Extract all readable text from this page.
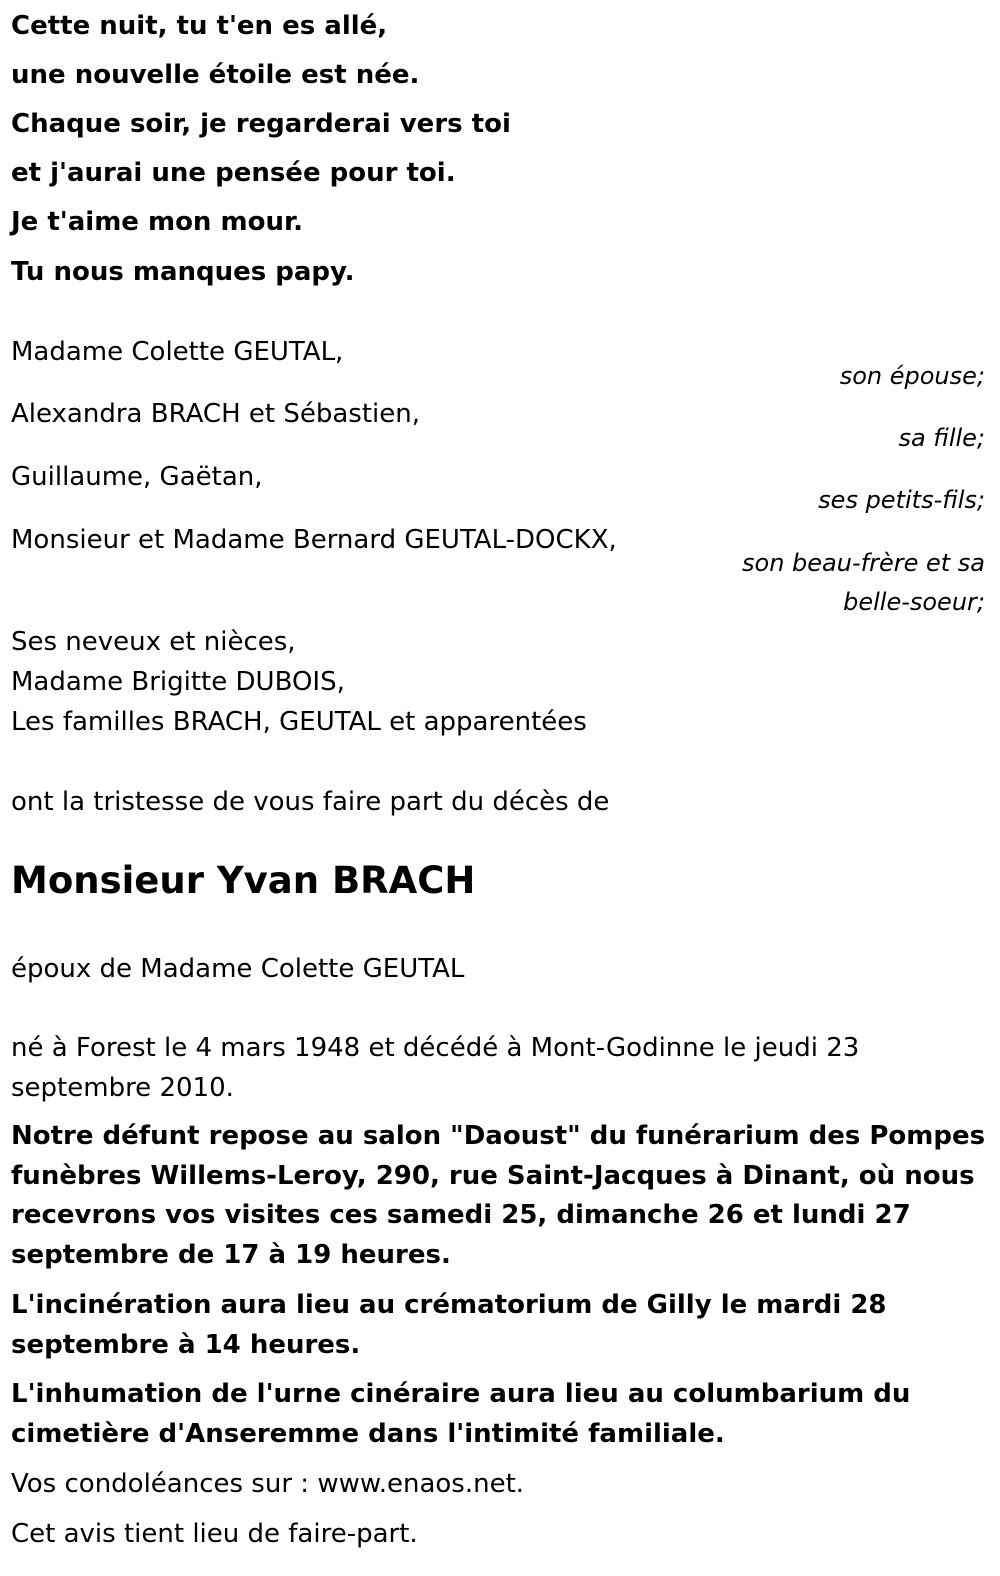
Cette nuit, tu t'en es allé,
une nouvelle étoile est née.
Chaque soir, je regarderai vers toi
et j'aurai une pensée pour toi.
Je t'aime mon mour.
Tu nous manques papy.
Madame Colette GEUTAL,
son épouse;
Alexandra BRACH et Sébastien,
sa fille;
Guillaume, Gaëtan,
ses petits-fils;
Monsieur et Madame Bernard GEUTAL-DOCKX,
son beau-frère et sa
belle-soeur;
Ses neveux et nièces,
Madame Brigitte DUBOIS,
Les familles BRACH, GEUTAL et apparentées
ont la tristesse de vous faire part du décès de
Monsieur Yvan BRACH
époux de Madame Colette GEUTAL
né à Forest le 4 mars 1948 et décédé à Mont-Godinne le jeudi 23 septembre 2010.
Notre défunt repose au salon "Daoust" du funérarium des Pompes funèbres Willems-Leroy, 290, rue Saint-Jacques à Dinant, où nous recevrons vos visites ces samedi 25, dimanche 26 et lundi 27 septembre de 17 à 19 heures.
L'incinération aura lieu au crématorium de Gilly le mardi 28 septembre à 14 heures.
L'inhumation de l'urne cinéraire aura lieu au columbarium du cimetière d'Anseremme dans l'intimité familiale.
Vos condoléances sur : www.enaos.net.
Cet avis tient lieu de faire-part.
